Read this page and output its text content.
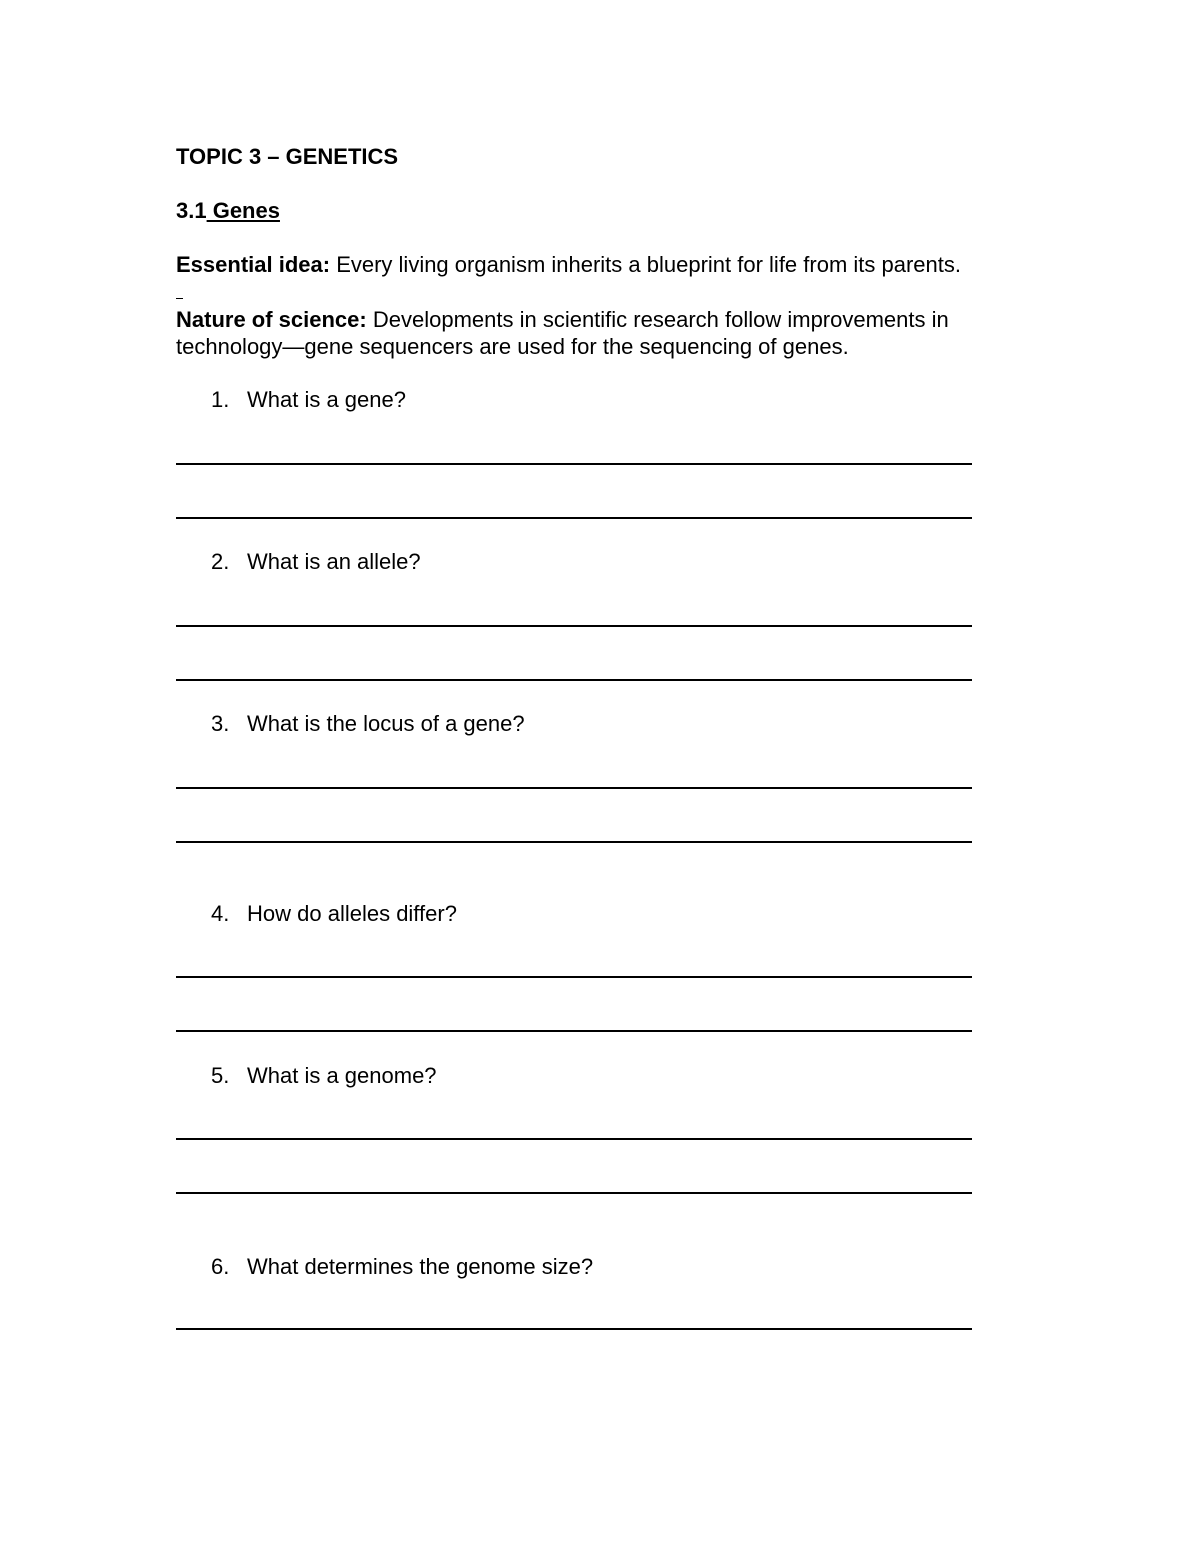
TOPIC 3 – GENETICS
3.1 Genes
Essential idea: Every living organism inherits a blueprint for life from its parents.
Nature of science: Developments in scientific research follow improvements in technology—gene sequencers are used for the sequencing of genes.
1. What is a gene?
2. What is an allele?
3. What is the locus of a gene?
4. How do alleles differ?
5. What is a genome?
6. What determines the genome size?
